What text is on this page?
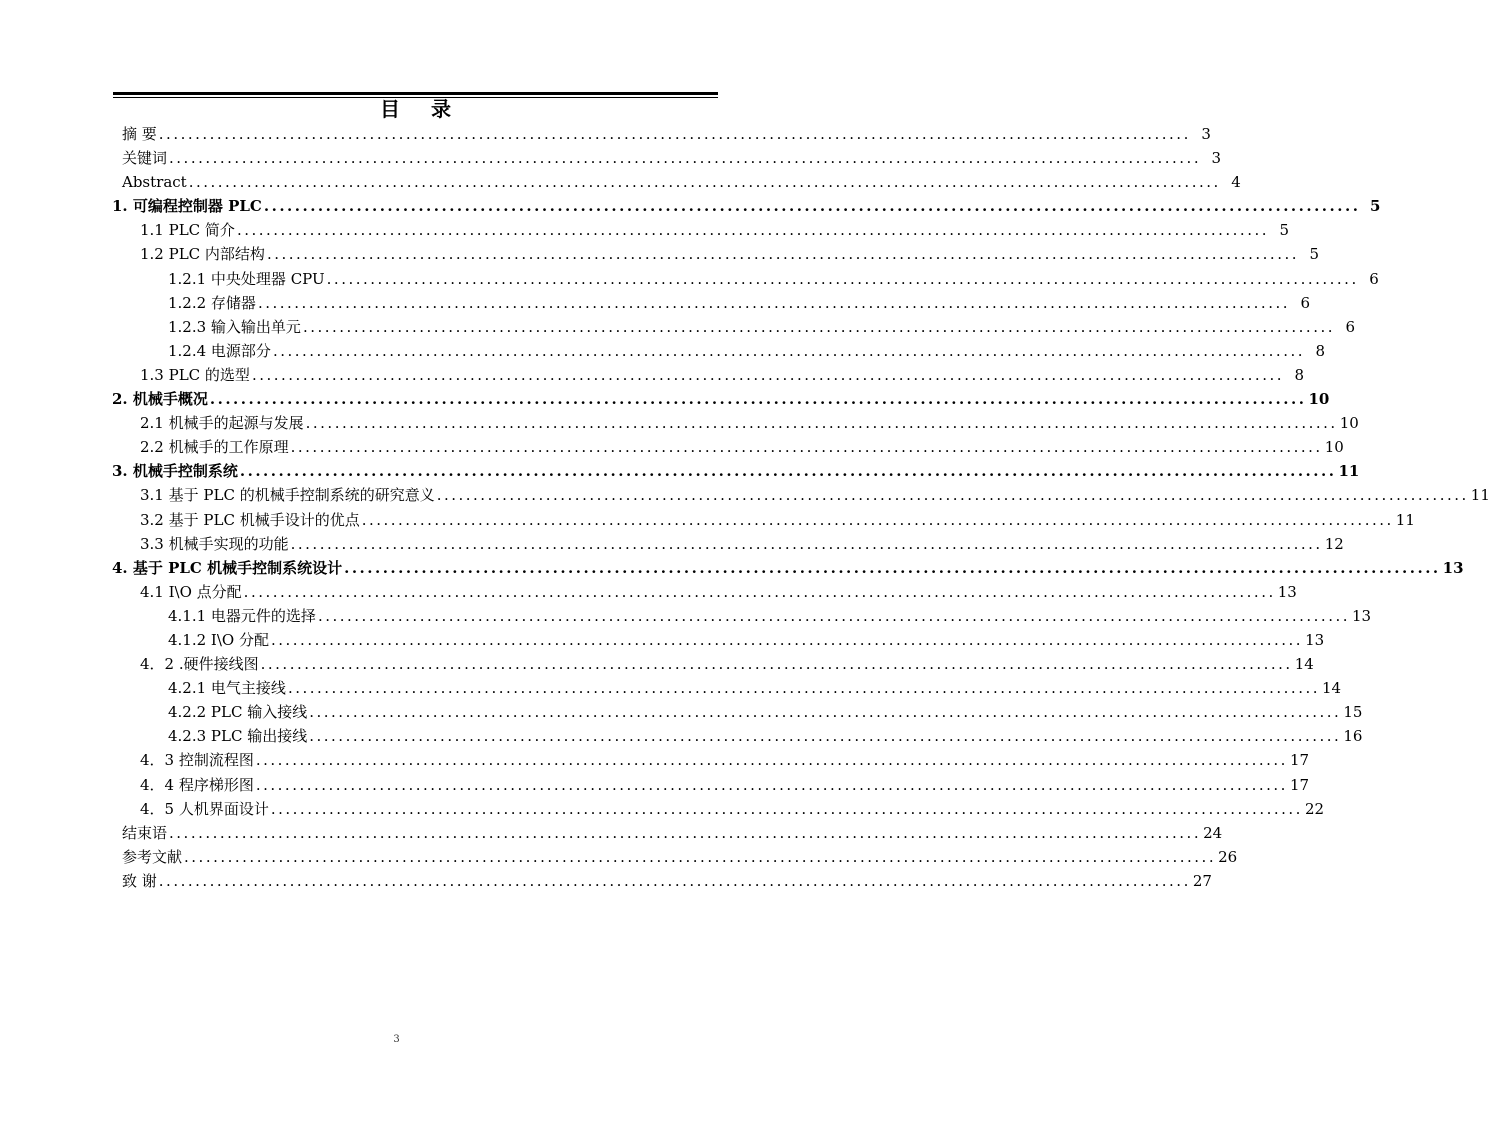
目 录
摘 要 .............................................................................................................................................. 3
关键词 .............................................................................................................................................. 3
Abstract .............................................................................................................................................. 4
1. 可编程控制器 PLC .............................................................................................................................................. 5
1.1 PLC 简介 .............................................................................................................................................. 5
1.2 PLC 内部结构 .............................................................................................................................................. 5
1.2.1 中央处理器 CPU .............................................................................................................................................. 6
1.2.2 存储器 .............................................................................................................................................. 6
1.2.3 输入输出单元 .............................................................................................................................................. 6
1.2.4 电源部分 .............................................................................................................................................. 8
1.3 PLC 的选型 .............................................................................................................................................. 8
2. 机械手概况 .............................................................................................................................................. 10
2.1 机械手的起源与发展 .............................................................................................................................................. 10
2.2 机械手的工作原理 .............................................................................................................................................. 10
3. 机械手控制系统 .............................................................................................................................................. 11
3.1 基于 PLC 的机械手控制系统的研究意义 .............................................................................................................................................. 11
3.2 基于 PLC 机械手设计的优点 .............................................................................................................................................. 11
3.3 机械手实现的功能 .............................................................................................................................................. 12
4. 基于 PLC 机械手控制系统设计 .............................................................................................................................................. 13
4.1 I\O 点分配 .............................................................................................................................................. 13
4.1.1 电器元件的选择 .............................................................................................................................................. 13
4.1.2 I\O 分配 .............................................................................................................................................. 13
4．2 .硬件接线图 .............................................................................................................................................. 14
4.2.1 电气主接线 .............................................................................................................................................. 14
4.2.2 PLC 输入接线 .............................................................................................................................................. 15
4.2.3 PLC 输出接线 .............................................................................................................................................. 16
4．3 控制流程图 .............................................................................................................................................. 17
4．4 程序梯形图 .............................................................................................................................................. 17
4．5 人机界面设计 .............................................................................................................................................. 22
结束语 .............................................................................................................................................. 24
参考文献 .............................................................................................................................................. 26
致 谢 .............................................................................................................................................. 27
3
